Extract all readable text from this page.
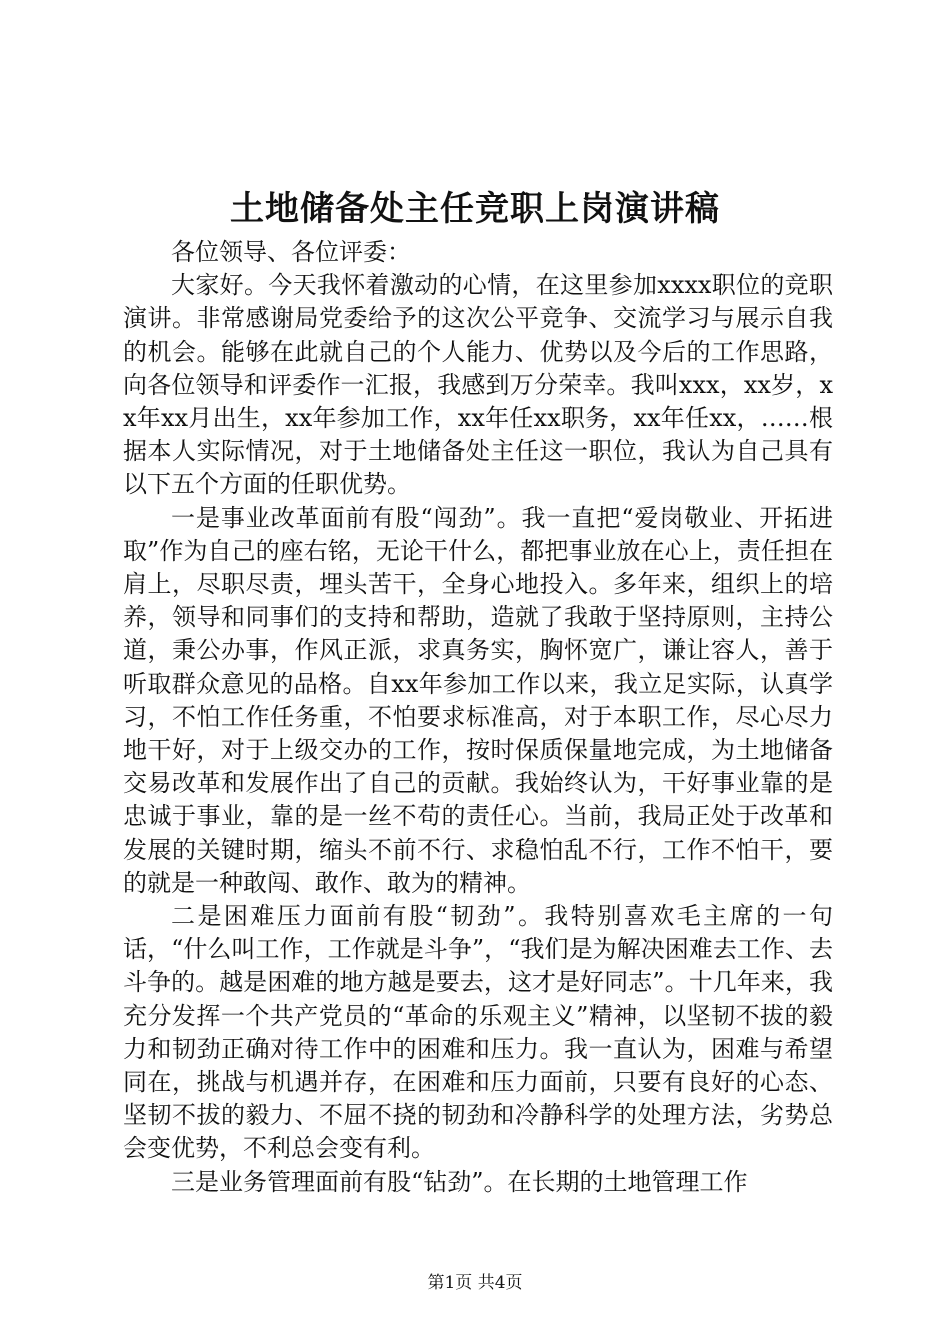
土地储备处主任竞职上岗演讲稿

各位领导、各位评委：

大家好。今天我怀着激动的心情，在这里参加xxxx职位的竞职演讲。非常感谢局党委给予的这次公平竞争、交流学习与展示自我的机会。能够在此就自己的个人能力、优势以及今后的工作思路，向各位领导和评委作一汇报，我感到万分荣幸。我叫xxx，xx岁，xx年xx月出生，xx年参加工作，xx年任xx职务，xx年任xx，……根据本人实际情况，对于土地储备处主任这一职位，我认为自己具有以下五个方面的任职优势。

一是事业改革面前有股“闯劲”。我一直把“爱岗敬业、开拓进取”作为自己的座右铭，无论干什么，都把事业放在心上，责任担在肩上，尽职尽责，埋头苦干，全身心地投入。多年来，组织上的培养，领导和同事们的支持和帮助，造就了我敢于坚持原则，主持公道，秉公办事，作风正派，求真务实，胸怀宽广，谦让容人，善于听取群众意见的品格。自xx年参加工作以来，我立足实际，认真学习，不怕工作任务重，不怕要求标准高，对于本职工作，尽心尽力地干好，对于上级交办的工作，按时保质保量地完成，为土地储备交易改革和发展作出了自己的贡献。我始终认为，干好事业靠的是忠诚于事业，靠的是一丝不苟的责任心。当前，我局正处于改革和发展的关键时期，缩头不前不行、求稳怕乱不行，工作不怕干，要的就是一种敢闯、敢作、敢为的精神。

二是困难压力面前有股“韧劲”。我特别喜欢毛主席的一句话，“什么叫工作，工作就是斗争”，“我们是为解决困难去工作、去斗争的。越是困难的地方越是要去，这才是好同志”。十几年来，我充分发挥一个共产党员的“革命的乐观主义”精神，以坚韧不拔的毅力和韧劲正确对待工作中的困难和压力。我一直认为，困难与希望同在，挑战与机遇并存，在困难和压力面前，只要有良好的心态、坚韧不拔的毅力、不屈不挠的韧劲和冷静科学的处理方法，劣势总会变优势，不利总会变有利。

三是业务管理面前有股“钻劲”。在长期的土地管理工作

第1页 共4页
